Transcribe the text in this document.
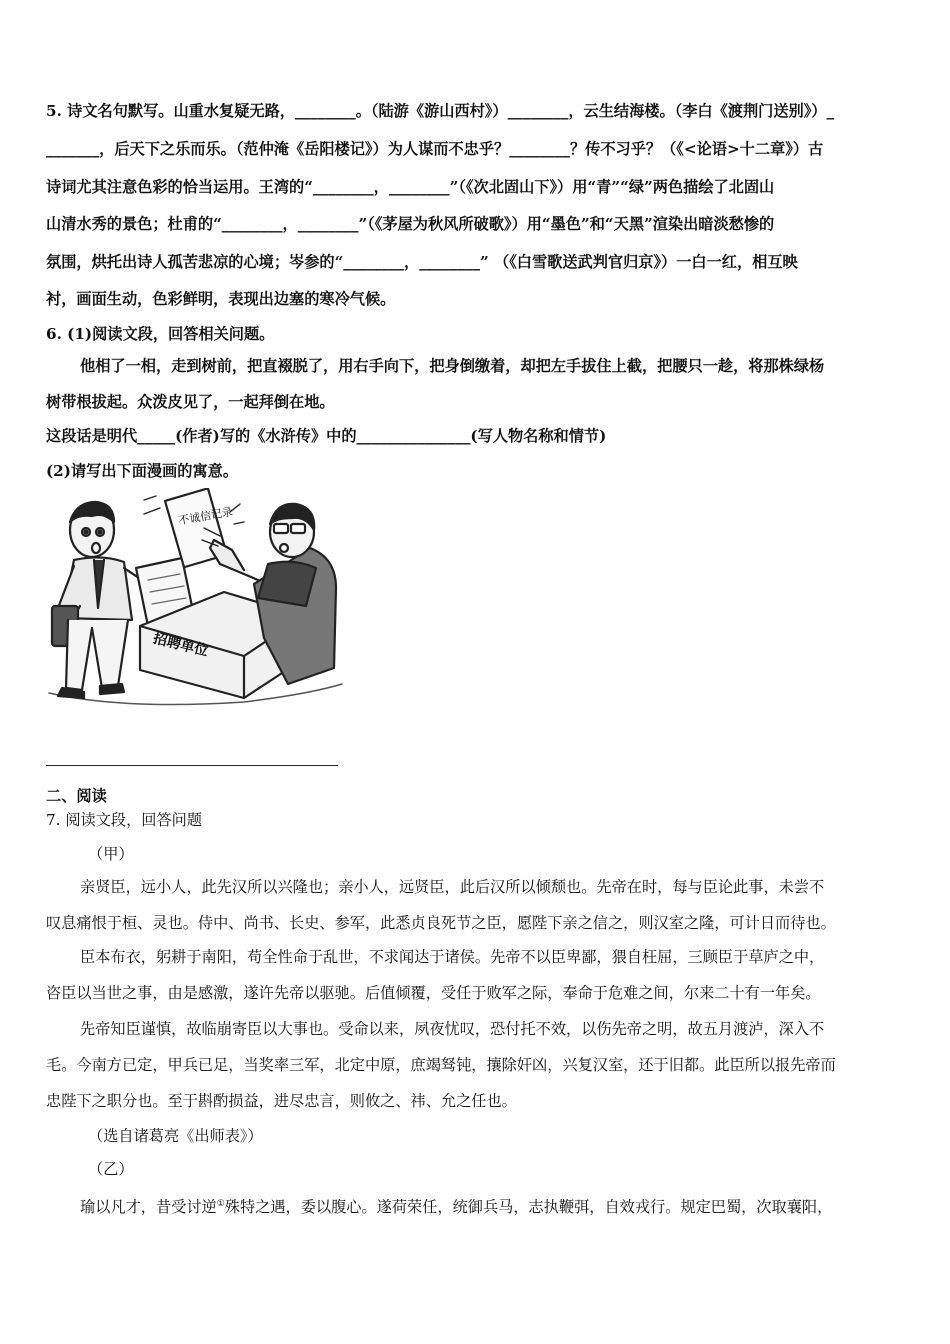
5. 诗文名句默写。山重水复疑无路，________。（陆游《游山西村》）________，云生结海楼。（李白《渡荆门送别》）_
_______，后天下之乐而乐。（范仲淹《岳阳楼记》）为人谋而不忠乎？________？传不习乎？（《<论语>十二章》）古
诗词尤其注意色彩的恰当运用。王湾的“________，________”（《次北固山下》）用“青”“绿”两色描绘了北固山
山清水秀的景色；杜甫的“________，________”（《茅屋为秋风所破歌》）用“墨色”和“天黑”渲染出暗淡愁惨的
氛围，烘托出诗人孤苦悲凉的心境；岑参的“________，________” （《白雪歌送武判官归京》）一白一红，相互映
衬，画面生动，色彩鲜明，表现出边塞的寒冷气候。
6. (1)阅读文段，回答相关问题。
他相了一相，走到树前，把直裰脱了，用右手向下，把身倒缴着，却把左手拔住上截，把腰只一趁，将那株绿杨
树带根拔起。众泼皮见了，一起拜倒在地。
这段话是明代_____(作者)写的《水浒传》中的_______________(写人物名称和情节)
(2)请写出下面漫画的寓意。
不诚信记录
招聘单位
二、阅读
7. 阅读文段，回答问题
（甲）
亲贤臣，远小人，此先汉所以兴隆也；亲小人，远贤臣，此后汉所以倾颓也。先帝在时，每与臣论此事，未尝不
叹息痛恨于桓、灵也。侍中、尚书、长史、参军，此悉贞良死节之臣，愿陛下亲之信之，则汉室之隆，可计日而待也。
臣本布衣，躬耕于南阳，苟全性命于乱世，不求闻达于诸侯。先帝不以臣卑鄙，猥自枉屈，三顾臣于草庐之中，
咨臣以当世之事，由是感激，遂许先帝以驱驰。后值倾覆，受任于败军之际，奉命于危难之间，尔来二十有一年矣。
先帝知臣谨慎，故临崩寄臣以大事也。受命以来，夙夜忧叹，恐付托不效，以伤先帝之明，故五月渡泸，深入不
毛。今南方已定，甲兵已足，当奖率三军，北定中原，庶竭驽钝，攘除奸凶，兴复汉室，还于旧都。此臣所以报先帝而
忠陛下之职分也。至于斟酌损益，进尽忠言，则攸之、祎、允之任也。
（选自诸葛亮《出师表》）
（乙）
瑜以凡才，昔受讨逆①殊特之遇，委以腹心。遂荷荣任，统御兵马，志执鞭弭，自效戎行。规定巴蜀，次取襄阳，
